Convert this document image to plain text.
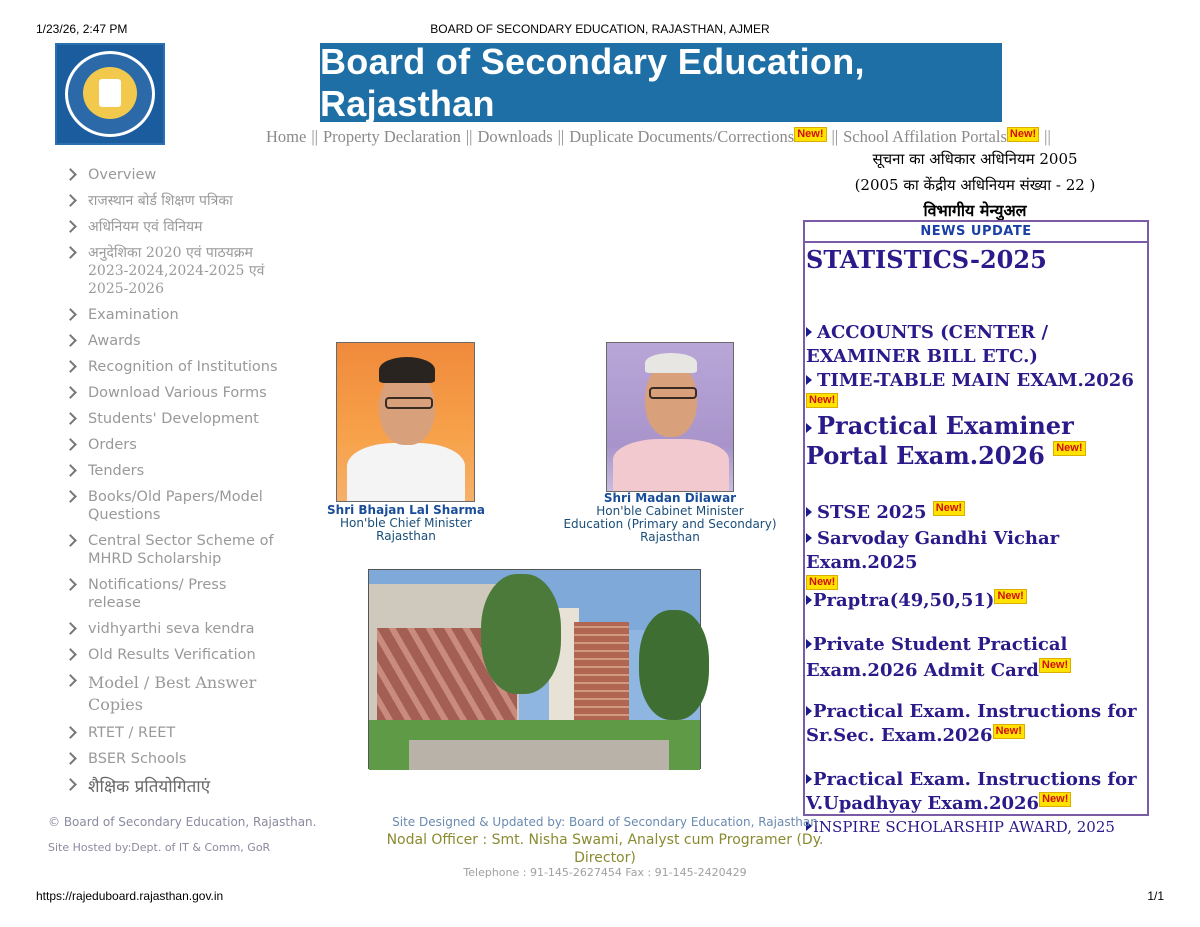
1/23/26, 2:47 PM	BOARD OF SECONDARY EDUCATION, RAJASTHAN, AJMER
Board of Secondary Education, Rajasthan
Home || Property Declaration || Downloads || Duplicate Documents/Corrections New! || School Affilation Portals New! ||
सूचना का अधिकार अधिनियम 2005
(2005 का केंद्रीय अधिनियम संख्या - 22 )
विभागीय मेन्युअल
Overview
राजस्थान बोर्ड शिक्षण पत्रिका
अधिनियम एवं विनियम
अनुदेशिका 2020 एवं पाठयक्रम 2023-2024,2024-2025 एवं 2025-2026
Examination
Awards
Recognition of Institutions
Download Various Forms
Students' Development
Orders
Tenders
Books/Old Papers/Model Questions
Central Sector Scheme of MHRD Scholarship
Notifications/ Press release
vidhyarthi seva kendra
Old Results Verification
Model / Best Answer Copies
RTET / REET
BSER Schools
शैक्षिक प्रतियोगिताएं
Shri Bhajan Lal Sharma
Hon'ble Chief Minister
Rajasthan
Shri Madan Dilawar
Hon'ble Cabinet Minister
Education (Primary and Secondary)
Rajasthan
NEWS UPDATE
STATISTICS-2025
ACCOUNTS (CENTER / EXAMINER BILL ETC.)
TIME-TABLE MAIN EXAM.2026
New!
Practical Examiner Portal Exam.2026 New!
STSE 2025 New!
Sarvoday Gandhi Vichar Exam.2025
New!
Praptra(49,50,51) New!
Private Student Practical Exam.2026 Admit Card New!
Practical Exam. Instructions for Sr.Sec. Exam.2026 New!
Practical Exam. Instructions for V.Upadhyay Exam.2026 New!
INSPIRE SCHOLARSHIP AWARD, 2025
© Board of Secondary Education, Rajasthan.
Site Hosted by:Dept. of IT & Comm, GoR
Site Designed & Updated by: Board of Secondary Education, Rajasthan
Nodal Officer : Smt. Nisha Swami, Analyst cum Programer (Dy. Director)
Telephone : 91-145-2627454 Fax : 91-145-2420429
https://rajeduboard.rajasthan.gov.in	1/1
